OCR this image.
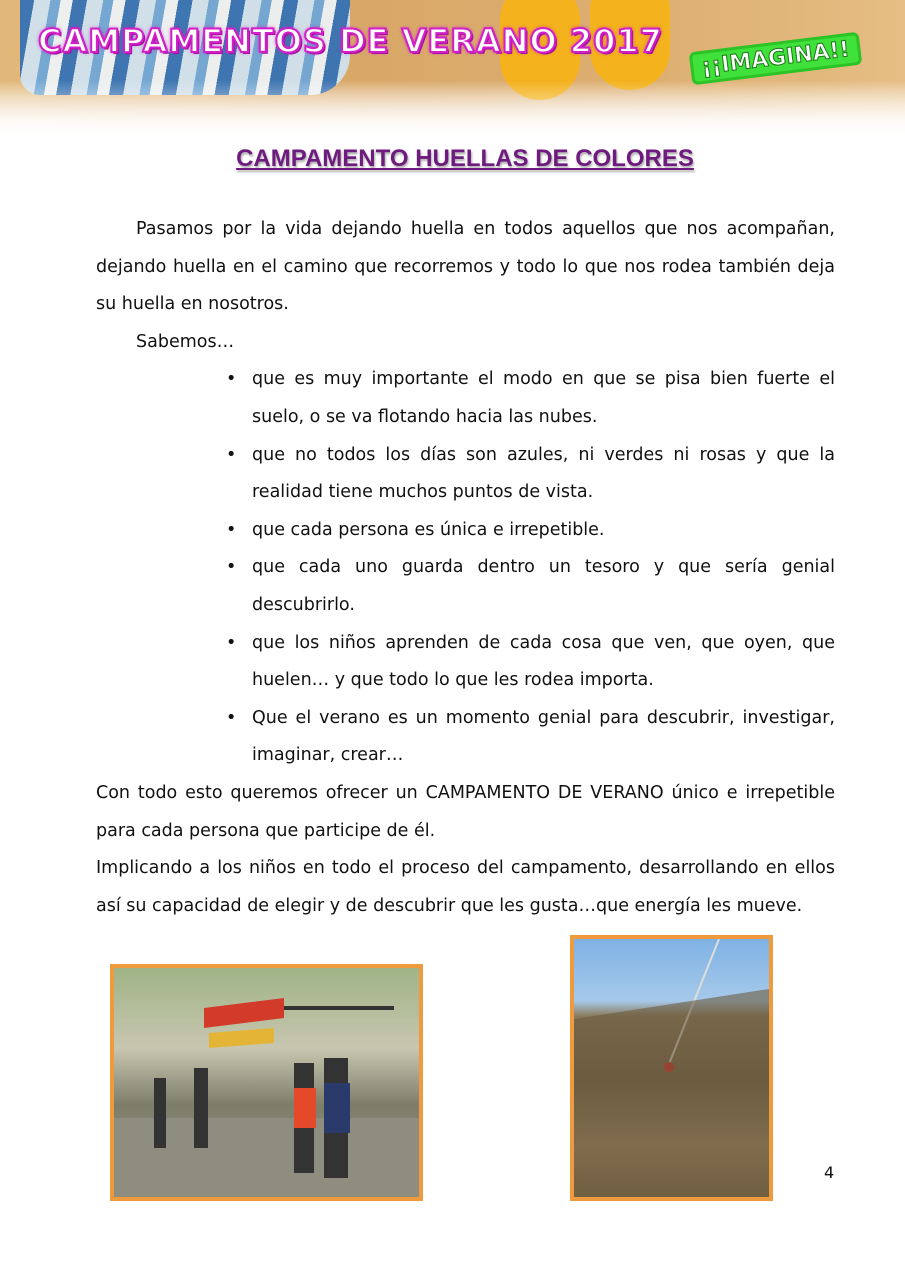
CAMPAMENTOS DE VERANO 2017	¡¡IMAGINA!!
CAMPAMENTO HUELLAS DE COLORES

Pasamos por la vida dejando huella en todos aquellos que nos acompañan, dejando huella en el camino que recorremos y todo lo que nos rodea también deja su huella en nosotros.

Sabemos…

• que es muy importante el modo en que se pisa bien fuerte el suelo, o se va flotando hacia las nubes.
• que no todos los días son azules, ni verdes ni rosas y que la realidad tiene muchos puntos de vista.
• que cada persona es única e irrepetible.
• que cada uno guarda dentro un tesoro y que sería genial descubrirlo.
• que los niños aprenden de cada cosa que ven, que oyen, que huelen… y que todo lo que les rodea importa.
• Que el verano es un momento genial para descubrir, investigar, imaginar, crear…

Con todo esto queremos ofrecer un CAMPAMENTO DE VERANO único e irrepetible para cada persona que participe de él.

Implicando a los niños en todo el proceso del campamento, desarrollando en ellos así su capacidad de elegir y de descubrir que les gusta…que energía les mueve.

4
